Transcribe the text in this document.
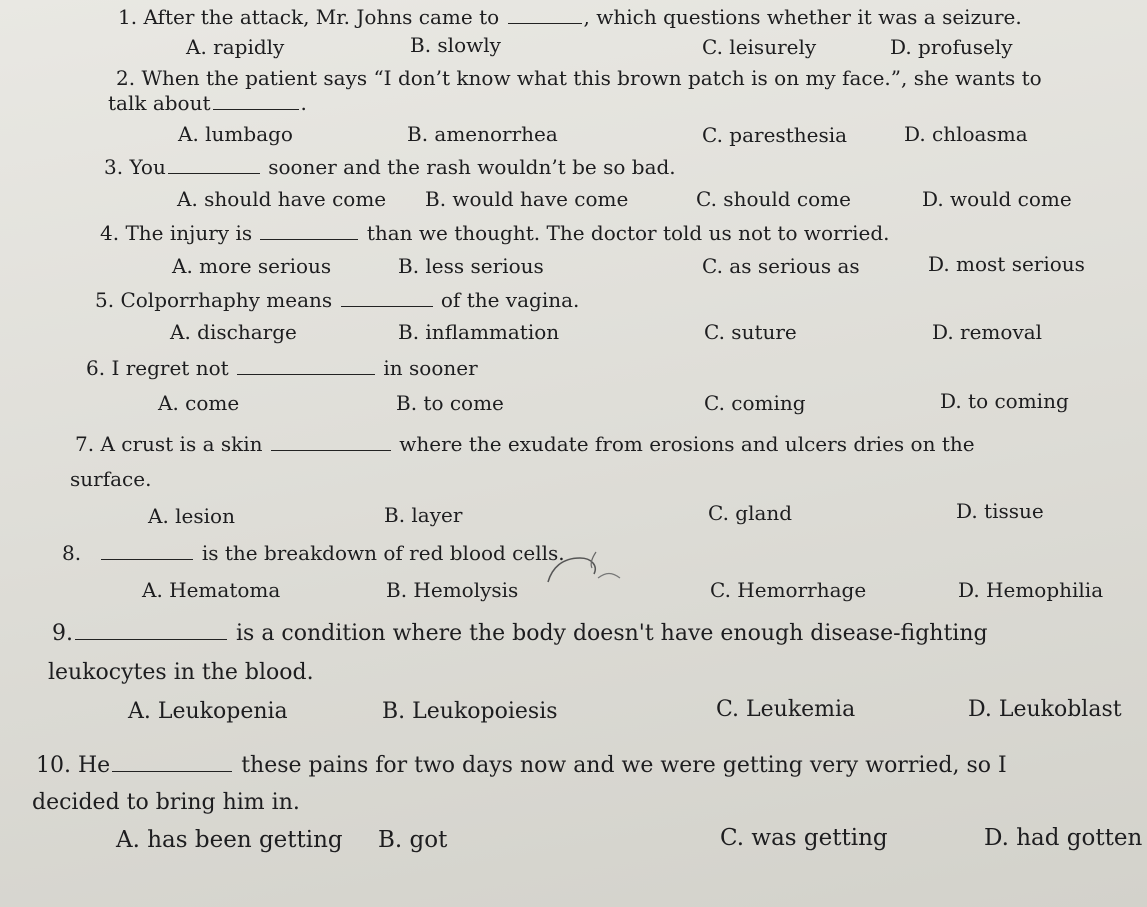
1. After the attack, Mr. Johns came to	, which questions whether it was a seizure.
A. rapidly	B. slowly	C. leisurely	D. profusely
2. When the patient says “I don’t know what this brown patch is on my face.”, she wants to
talk about	.
A. lumbago	B. amenorrhea	C. paresthesia	D. chloasma
3. You	sooner and the rash wouldn’t be so bad.
A. should have come B. would have come	C. should come	D. would come
4. The injury is	than we thought. The doctor told us not to worried.
A. more serious	B. less serious	C. as serious as	D. most serious
5. Colporrhaphy means	of the vagina.
A. discharge	B. inflammation	C. suture	D. removal
6. I regret not	in sooner
A. come	B. to come	C. coming	D. to coming
7. A crust is a skin	where the exudate from erosions and ulcers dries on the
surface.
A. lesion	B. layer	C. gland	D. tissue
8.	is the breakdown of red blood cells.
A. Hematoma	B. Hemolysis	C. Hemorrhage	D. Hemophilia
9.	is a condition where the body doesn't have enough disease-fighting
leukocytes in the blood.
A. Leukopenia	B. Leukopoiesis	C. Leukemia	D. Leukoblast
10. He	these pains for two days now and we were getting very worried, so I
decided to bring him in.
A. has been getting B. got	C. was getting	D. had gotten
